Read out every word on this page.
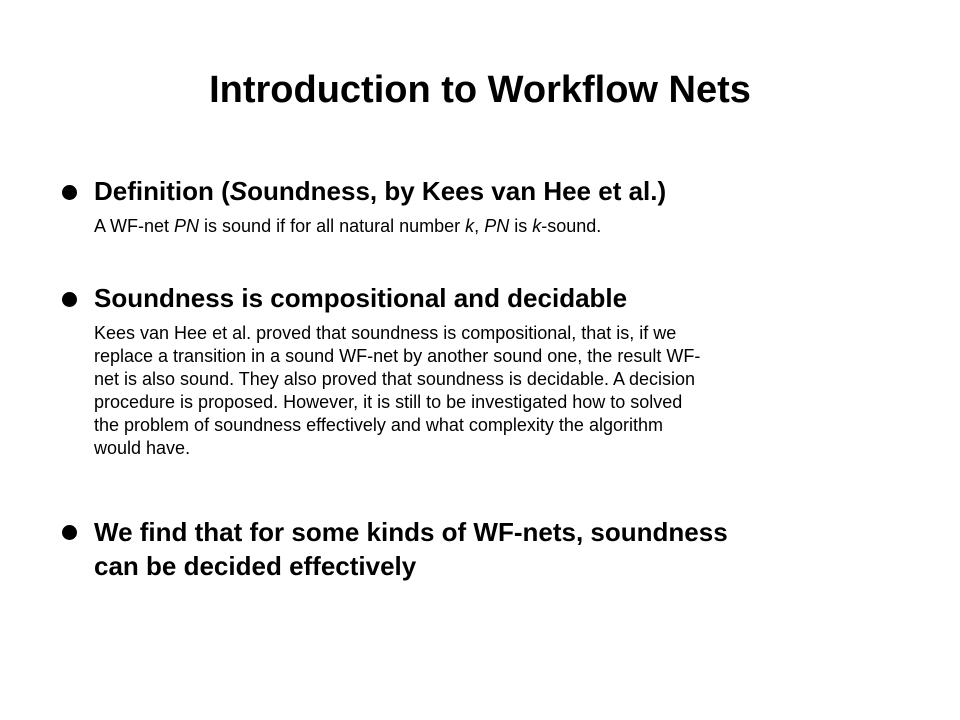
Introduction to Workflow Nets

Definition (Soundness, by Kees van Hee et al.)

A WF-net PN is sound if for all natural number k, PN is k-sound.

Soundness is compositional and decidable

Kees van Hee et al. proved that soundness is compositional, that is, if we
replace a transition in a sound WF-net by another sound one, the result WF-
net is also sound. They also proved that soundness is decidable. A decision
procedure is proposed. However, it is still to be investigated how to solved
the problem of soundness effectively and what complexity the algorithm
would have.

We find that for some kinds of WF-nets, soundness
can be decided effectively
